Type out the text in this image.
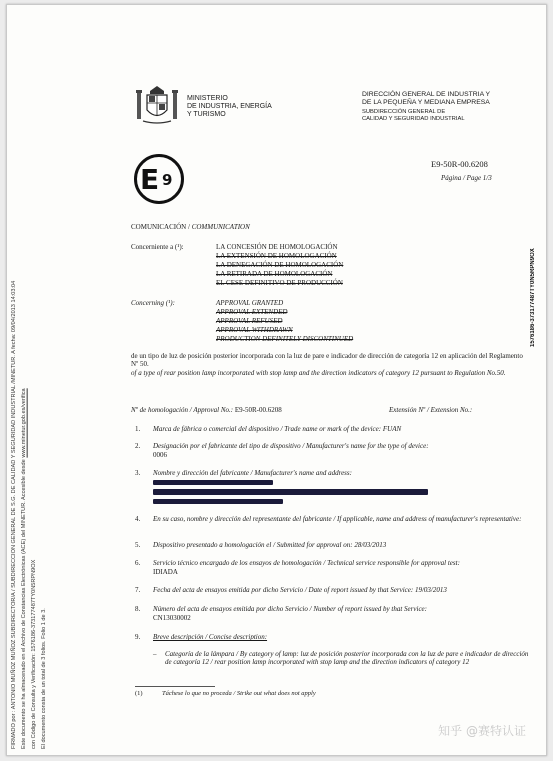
FIRMADO por : ANTONIO MUÑOZ MUÑOZ SUBDIRECTOR/A / SUBDIRECCION GENERAL DE S.G. DE CALIDAD Y SEGURIDAD INDUSTRIAL /MINETUR. A fecha: 09/04/2013 14:03:04 Este documento se ha almacenado en el Archivo de Constancias Electrónicas (ACE) del MINETUR. Accesible desde www.minetur.gob.es/verifica
con Código de Consulta y Verificación: 1576186-373177487TY0N5RPN9OX El documento consta de un total de 3 folios. Folio 1 de 3.
1576186-373177487TY0N5RPN9OX
MINISTERIO
DE INDUSTRIA, ENERGÍA
Y TURISMO
DIRECCIÓN GENERAL DE INDUSTRIA Y
DE LA PEQUEÑA Y MEDIANA EMPRESA
SUBDIRECCIÓN GENERAL DE
CALIDAD Y SEGURIDAD INDUSTRIAL
E 9
E9-50R-00.6208
Página / Page 1/3
COMUNICACIÓN / COMMUNICATION
Concerniente a (¹):	LA CONCESIÓN DE HOMOLOGACIÓN
LA EXTENSIÓN DE HOMOLOGACIÓN
LA DENEGACIÓN DE HOMOLOGACIÓN
LA RETIRADA DE HOMOLOGACIÓN
EL CESE DEFINITIVO DE PRODUCCIÓN
Concerning (¹):	APPROVAL GRANTED
APPROVAL EXTENDED
APPROVAL REFUSED
APPROVAL WITHDRAWN
PRODUCTION DEFINITELY DISCONTINUED
de un tipo de luz de posición posterior incorporada con la luz de pare e indicador de dirección de categoría 12 en aplicación del Reglamento Nº 50.
of a type of rear position lamp incorporated with stop lamp and the direction indicators of category 12 pursuant to Regulation No.50.
Nº de homologación / Approval No.: E9-50R-00.6208	Extensión Nº / Extension No.:
1. Marca de fábrica o comercial del dispositivo / Trade name or mark of the device: FUAN
2. Designación por el fabricante del tipo de dispositivo / Manufacturer's name for the type of device:
0006
3. Nombre y dirección del fabricante / Manufacturer's name and address:
4. En su caso, nombre y dirección del representante del fabricante / If applicable, name and address of manufacturer's representative:
5. Dispositivo presentado a homologación el / Submitted for approval on: 28/03/2013
6. Servicio técnico encargado de los ensayos de homologación / Technical service responsible for approval test:
IDIADA
7. Fecha del acta de ensayos emitida por dicho Servicio / Date of report issued by that Service: 19/03/2013
8. Número del acta de ensayos emitida por dicho Servicio / Number of report issued by that Service:
CN13030002
9. Breve descripción / Concise description:
– Categoría de la lámpara / By category of lamp: luz de posición posterior incorporada con la luz de pare e indicador de dirección de categoría 12 / rear position lamp incorporated with stop lamp and the direction indicators of category 12
(1)	Táchese lo que no proceda / Strike out what does not apply
知乎 @赛特认证
